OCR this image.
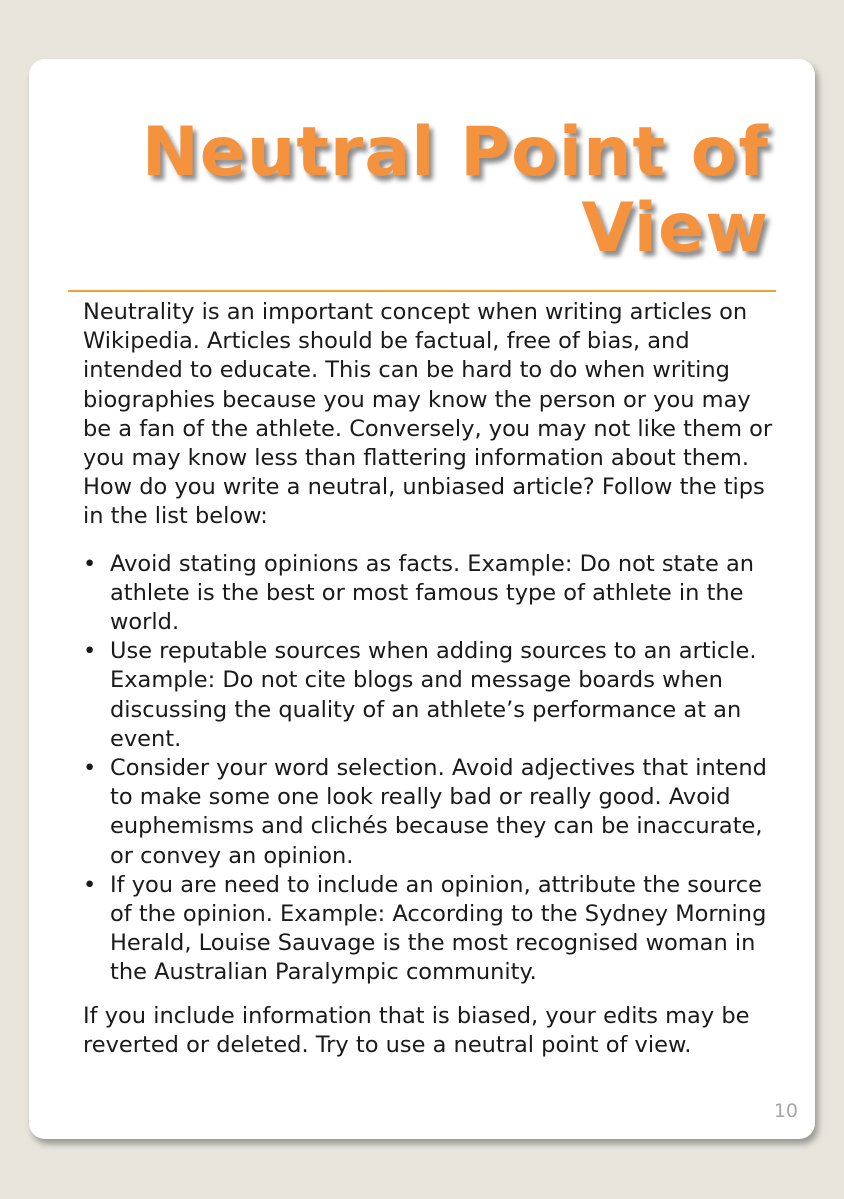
Neutral Point of View

Neutrality is an important concept when writing articles on Wikipedia. Articles should be factual, free of bias, and intended to educate. This can be hard to do when writing biographies because you may know the person or you may be a fan of the athlete. Conversely, you may not like them or you may know less than flattering information about them. How do you write a neutral, unbiased article? Follow the tips in the list below:

• Avoid stating opinions as facts. Example: Do not state an athlete is the best or most famous type of athlete in the world.
• Use reputable sources when adding sources to an article. Example: Do not cite blogs and message boards when discussing the quality of an athlete’s performance at an event.
• Consider your word selection. Avoid adjectives that intend to make some one look really bad or really good. Avoid euphemisms and clichés because they can be inaccurate, or convey an opinion.
• If you are need to include an opinion, attribute the source of the opinion. Example: According to the Sydney Morning Herald, Louise Sauvage is the most recognised woman in the Australian Paralympic community.

If you include information that is biased, your edits may be reverted or deleted. Try to use a neutral point of view.

10
